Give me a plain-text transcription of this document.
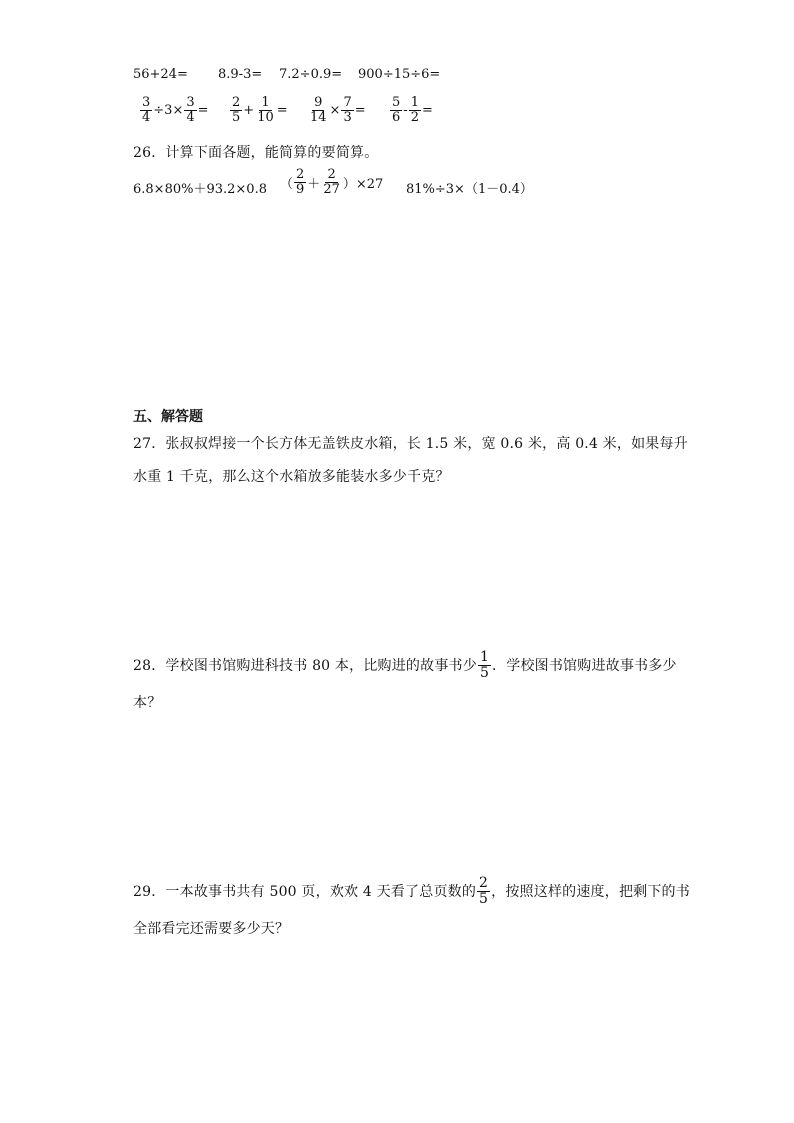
56+24= 8.9-3= 7.2÷0.9= 900÷15÷6=
$\frac{3}{4} \div 3\times \frac{3}{4} = \frac{2}{5} + \frac{1}{10} = \frac{9}{14} \times \frac{7}{3} = \frac{5}{6} - \frac{1}{2}$ =
26．计算下面各题，能简算的要简算。
6.8×80%＋93.2×0.8 （ $\frac{2}{9} + \frac{2}{27} )\times 27$ 81%÷3×（1－0.4）
五、解答题
27．张叔叔焊接一个长方体无盖铁皮水箱，长 1.5 米，宽 0.6 米，高 0.4 米，如果每升
水重 1 千克，那么这个水箱放多能装水多少千克？
28．学校图书馆购进科技书 80 本，比购进的故事书少 $\frac{1}{5}$ ．学校图书馆购进故事书多少
本？
29．一本故事书共有 500 页，欢欢 4 天看了总页数的 $\frac{2}{5}$ ，按照这样的速度，把剩下的书
全部看完还需要多少天？
